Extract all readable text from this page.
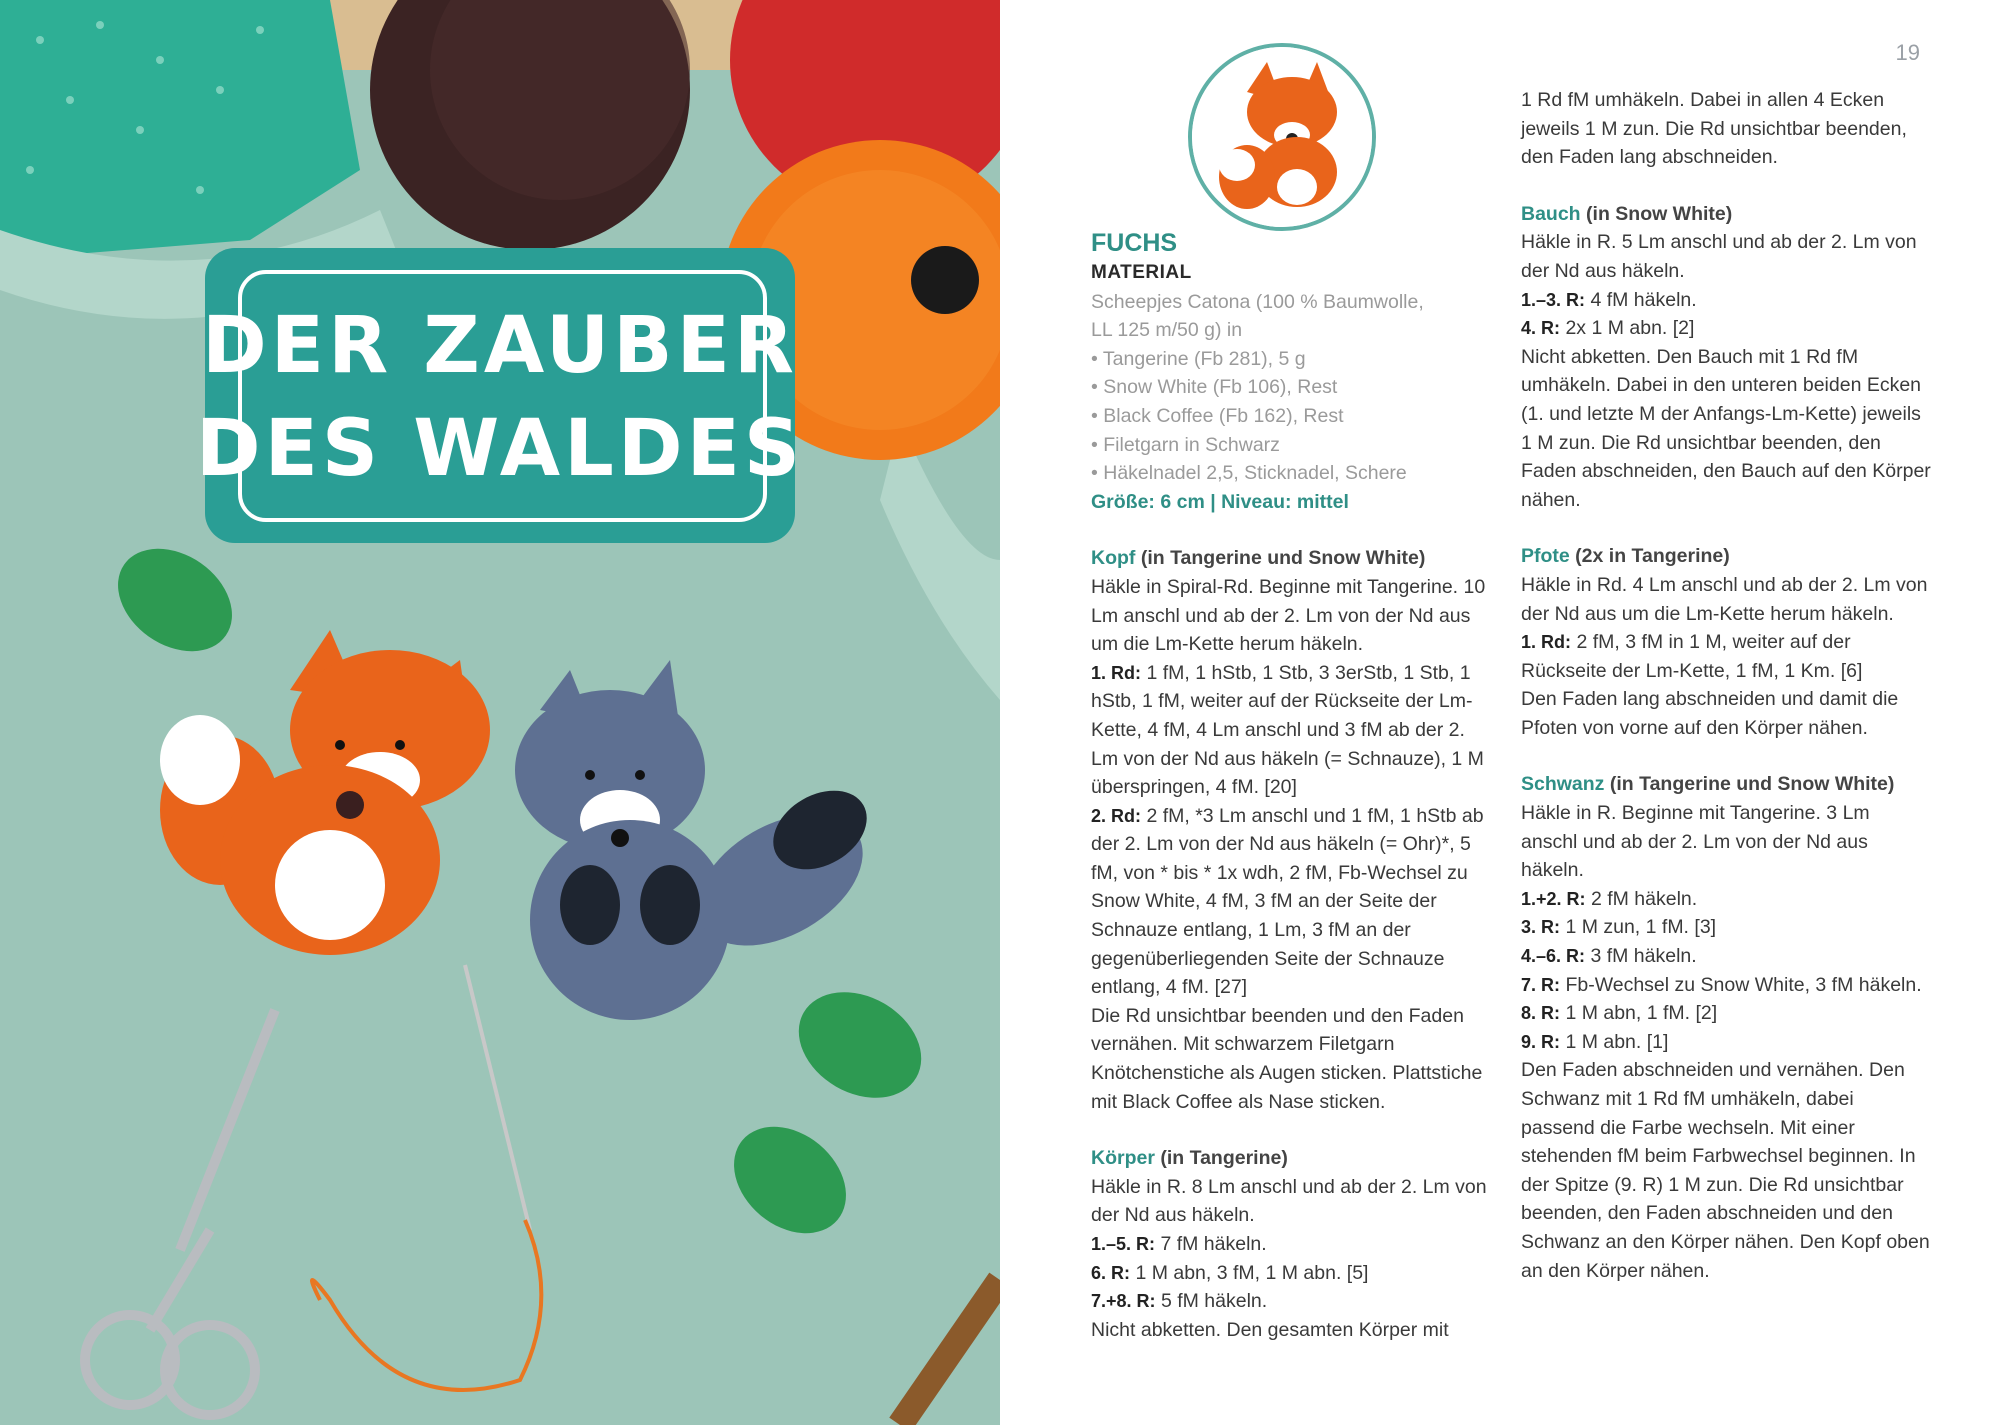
DER ZAUBER
DES WALDES
19

FUCHS

MATERIAL

Scheepjes Catona (100 % Baumwolle,

LL 125 m/50 g) in

• Tangerine (Fb 281), 5 g

• Snow White (Fb 106), Rest

• Black Coffee (Fb 162), Rest

• Filetgarn in Schwarz

• Häkelnadel 2,5, Sticknadel, Schere

Größe: 6 cm | Niveau: mittel

Kopf (in Tangerine und Snow White)

Häkle in Spiral-Rd. Beginne mit Tangerine. 10 Lm anschl und ab der 2. Lm von der Nd aus um die Lm-Kette herum häkeln.

1. Rd: 1 fM, 1 hStb, 1 Stb, 3 3erStb, 1 Stb, 1 hStb, 1 fM, weiter auf der Rückseite der Lm-Kette, 4 fM, 4 Lm anschl und 3 fM ab der 2. Lm von der Nd aus häkeln (= Schnauze), 1 M überspringen, 4 fM. [20]

2. Rd: 2 fM, *3 Lm anschl und 1 fM, 1 hStb ab der 2. Lm von der Nd aus häkeln (= Ohr)*, 5 fM, von * bis * 1x wdh, 2 fM, Fb-Wechsel zu Snow White, 4 fM, 3 fM an der Seite der Schnauze entlang, 1 Lm, 3 fM an der gegenüberliegenden Seite der Schnauze entlang, 4 fM. [27]

Die Rd unsichtbar beenden und den Faden vernähen. Mit schwarzem Filetgarn Knötchenstiche als Augen sticken. Plattstiche mit Black Coffee als Nase sticken.

Körper (in Tangerine)

Häkle in R. 8 Lm anschl und ab der 2. Lm von der Nd aus häkeln.

1.–5. R: 7 fM häkeln.

6. R: 1 M abn, 3 fM, 1 M abn. [5]

7.+8. R: 5 fM häkeln.

Nicht abketten. Den gesamten Körper mit

1 Rd fM umhäkeln. Dabei in allen 4 Ecken jeweils 1 M zun. Die Rd unsichtbar beenden, den Faden lang abschneiden.

Bauch (in Snow White)

Häkle in R. 5 Lm anschl und ab der 2. Lm von der Nd aus häkeln.

1.–3. R: 4 fM häkeln.

4. R: 2x 1 M abn. [2]

Nicht abketten. Den Bauch mit 1 Rd fM umhäkeln. Dabei in den unteren beiden Ecken (1. und letzte M der Anfangs-Lm-Kette) jeweils 1 M zun. Die Rd unsichtbar beenden, den Faden abschneiden, den Bauch auf den Körper nähen.

Pfote (2x in Tangerine)

Häkle in Rd. 4 Lm anschl und ab der 2. Lm von der Nd aus um die Lm-Kette herum häkeln.

1. Rd: 2 fM, 3 fM in 1 M, weiter auf der Rückseite der Lm-Kette, 1 fM, 1 Km. [6]

Den Faden lang abschneiden und damit die Pfoten von vorne auf den Körper nähen.

Schwanz (in Tangerine und Snow White)

Häkle in R. Beginne mit Tangerine. 3 Lm anschl und ab der 2. Lm von der Nd aus häkeln.

1.+2. R: 2 fM häkeln.

3. R: 1 M zun, 1 fM. [3]

4.–6. R: 3 fM häkeln.

7. R: Fb-Wechsel zu Snow White, 3 fM häkeln.

8. R: 1 M abn, 1 fM. [2]

9. R: 1 M abn. [1]

Den Faden abschneiden und vernähen. Den Schwanz mit 1 Rd fM umhäkeln, dabei passend die Farbe wechseln. Mit einer stehenden fM beim Farbwechsel beginnen. In der Spitze (9. R) 1 M zun. Die Rd unsichtbar beenden, den Faden abschneiden und den Schwanz an den Körper nähen. Den Kopf oben an den Körper nähen.
